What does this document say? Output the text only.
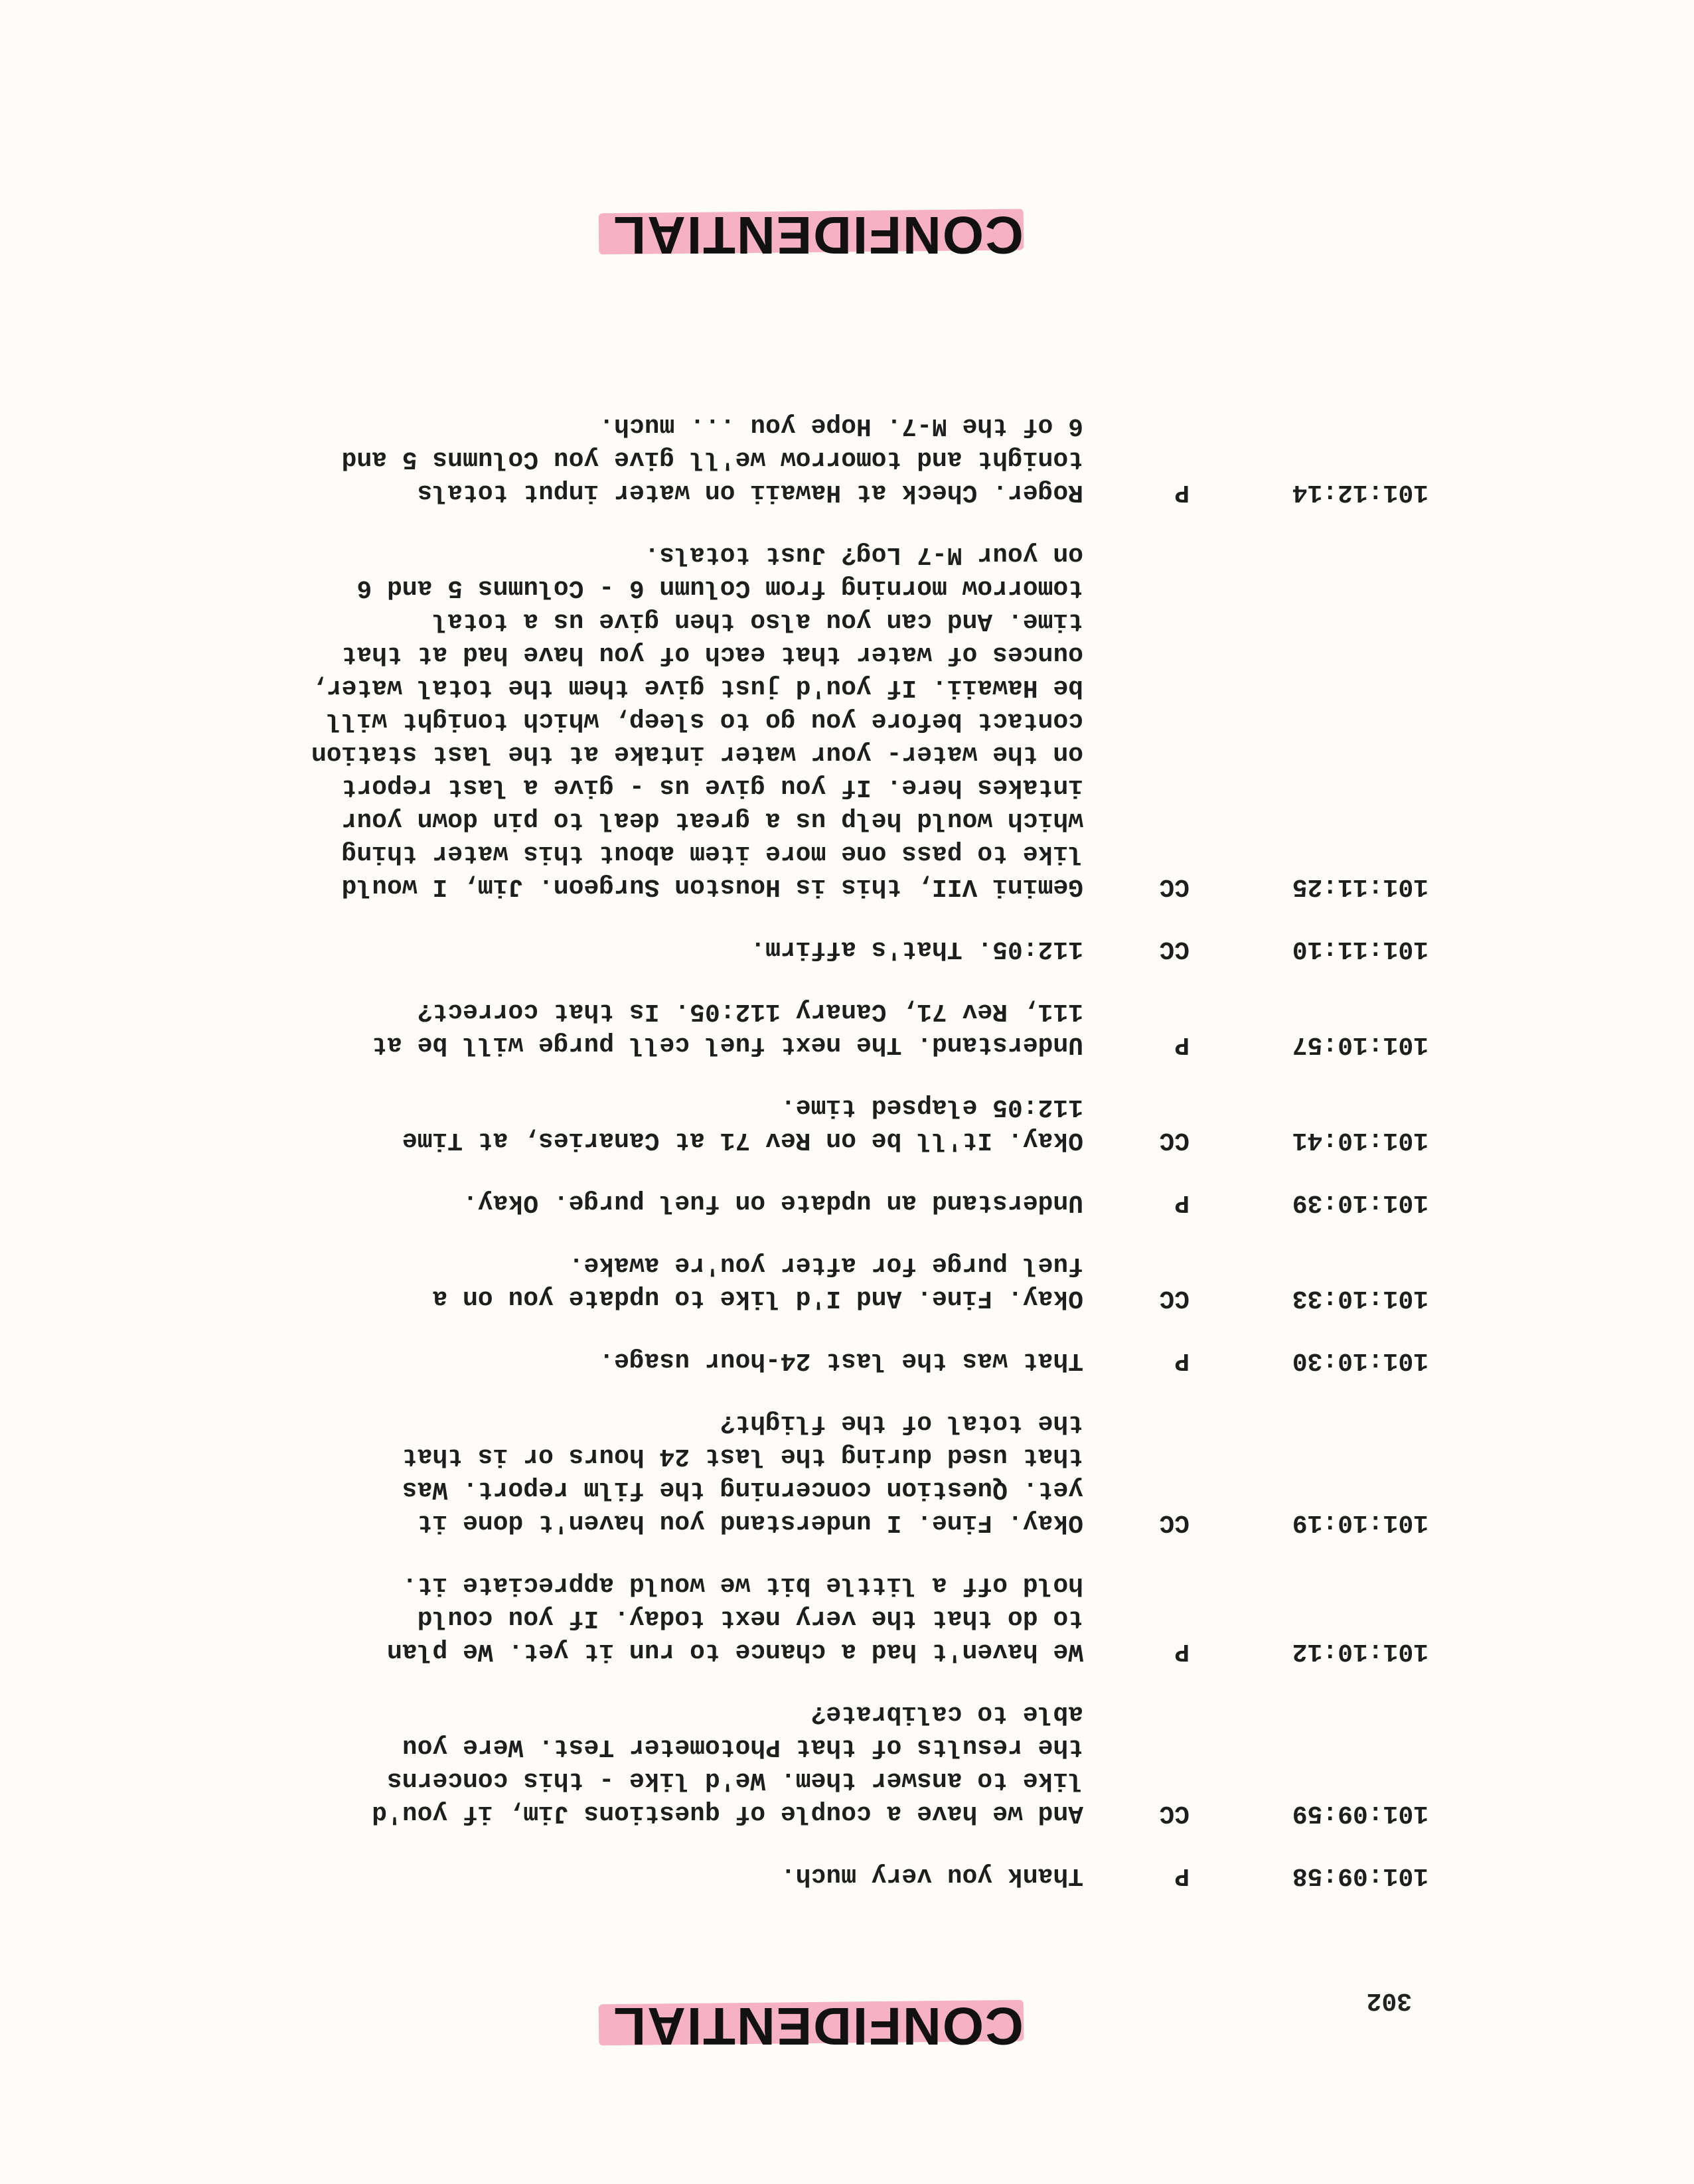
CONFIDENTIAL	302
101:09:58
P
Thank you very much.
101:09:59
CC
And we have a couple of questions Jim, if you'd
like to answer them. We'd like - this concerns
the results of that Photometer Test. Were you
able to calibrate?
101:10:12
P
We haven't had a chance to run it yet. We plan
to do that the very next today. If you could
hold off a little bit we would appreciate it.
101:10:19
CC
Okay. Fine. I understand you haven't done it
yet. Question concerning the film report. Was
that used during the last 24 hours or is that
the total of the flight?
101:10:30
P
That was the last 24-hour usage.
101:10:33
CC
Okay. Fine. And I'd like to update you on a
fuel purge for after you're awake.
101:10:39
P
Understand an update on fuel purge. Okay.
101:10:41
CC
Okay. It'll be on Rev 71 at Canaries, at Time
112:05 elapsed time.
101:10:57
P
Understand. The next fuel cell purge will be at
111, Rev 71, Canary 112:05. Is that correct?
101:11:10
CC
112:05. That's affirm.
101:11:25
CC
Gemini VII, this is Houston Surgeon. Jim, I would
like to pass one more item about this water thing
which would help us a great deal to pin down your
intakes here. If you give us - give a last report
on the water- your water intake at the last station
contact before you go to sleep, which tonight will
be Hawaii. If you'd just give them the total water,
ounces of water that each of you have had at that
time. And can you also then give us a total
tomorrow morning from Column 6 - Columns 5 and 6
on your M-7 Log? Just totals.
101:12:14
P
Roger. Check at Hawaii on water input totals
tonight and tomorrow we'll give you Columns 5 and
6 of the M-7. Hope you ... much.
CONFIDENTIAL
